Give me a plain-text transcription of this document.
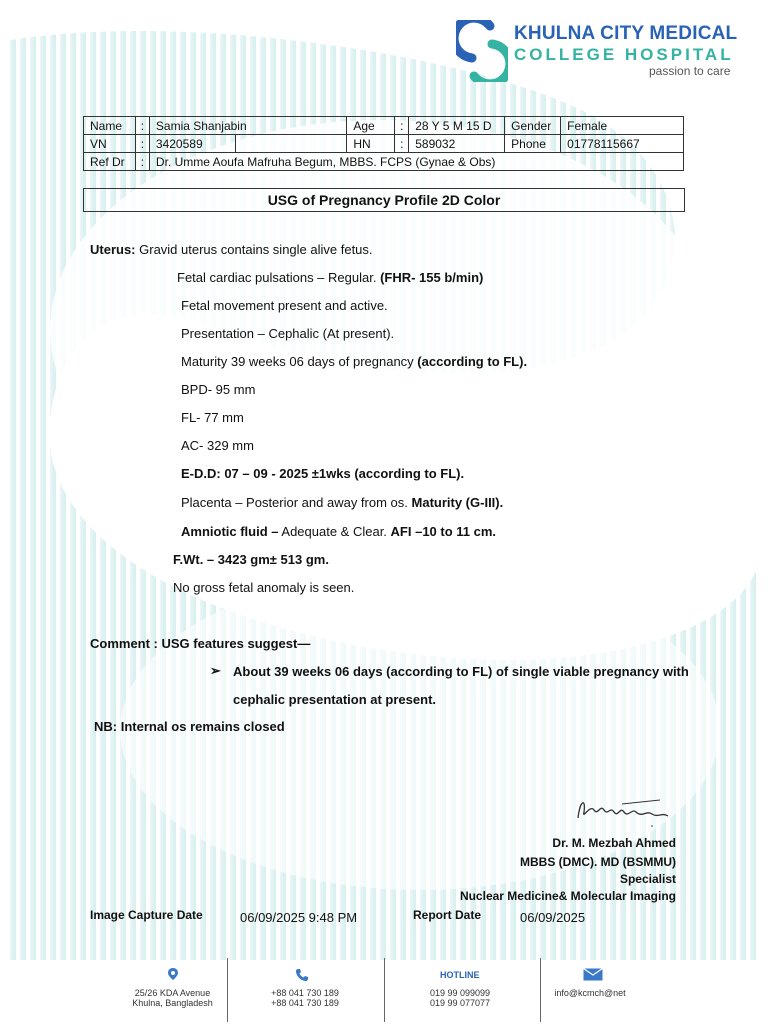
KHULNA CITY MEDICAL
COLLEGE HOSPITAL
passion to care
Name	:	Samia Shanjabin		Age	:	28 Y 5 M 15 D	Gender	Female
VN	:	3420589		HN	:	589032	Phone	01778115667
Ref Dr	:	Dr. Umme Aoufa Mafruha Begum, MBBS. FCPS (Gynae & Obs)						
USG of Pregnancy Profile 2D Color
Uterus: Gravid uterus contains single alive fetus.
Fetal cardiac pulsations – Regular. (FHR- 155 b/min)
Fetal movement present and active.
Presentation – Cephalic (At present).
Maturity 39 weeks 06 days of pregnancy (according to FL).
BPD- 95 mm
FL- 77 mm
AC- 329 mm
E-D.D: 07 – 09 - 2025 ±1wks (according to FL).
Placenta – Posterior and away from os. Maturity (G-III).
Amniotic fluid – Adequate & Clear. AFI –10 to 11 cm.
F.Wt. – 3423 gm± 513 gm.
No gross fetal anomaly is seen.
Comment : USG features suggest—
➢ About 39 weeks 06 days (according to FL) of single viable pregnancy with
cephalic presentation at present.
NB: Internal os remains closed
Dr. M. Mezbah Ahmed
MBBS (DMC). MD (BSMMU)
Specialist
Nuclear Medicine& Molecular Imaging
Image Capture Date	06/09/2025 9:48 PM	Report Date	06/09/2025
25/26 KDA Avenue
Khulna, Bangladesh
+88 041 730 189
+88 041 730 189
HOTLINE
019 99 099099
019 99 077077
info@kcmch@net
